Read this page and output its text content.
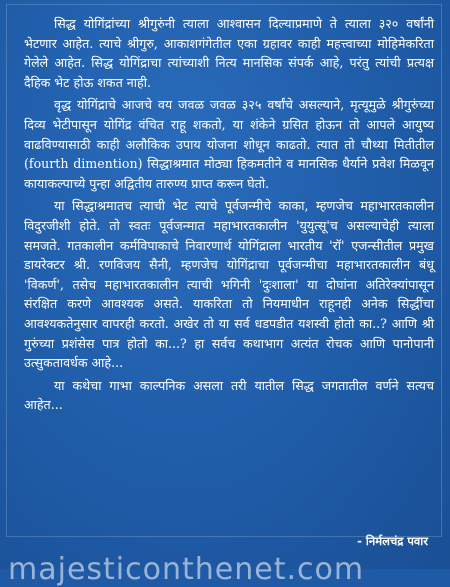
सिद्ध योगिंद्रांच्या श्रीगुरुंनी त्याला आश्वासन दिल्याप्रमाणे ते त्याला ३२० वर्षांनी भेटणार आहेत. त्याचे श्रीगुरु, आकाशगंगेतील एका ग्रहावर काही महत्त्वाच्या मोहिमेकरिता गेलेले आहेत. सिद्ध योगिंद्राचा त्यांच्याशी नित्य मानसिक संपर्क आहे, परंतु त्यांची प्रत्यक्ष दैहिक भेट होऊ शकत नाही.

वृद्ध योगिंद्राचे आजचे वय जवळ जवळ ३२५ वर्षांचे असल्याने, मृत्यूमुळे श्रीगुरुंच्या दिव्य भेटीपासून योगिंद्र वंचित राहू शकतो, या शंकेने ग्रसित होऊन तो आपले आयुष्य वाढविण्यासाठी काही अलौकिक उपाय योजना शोधून काढतो. त्यात तो चौथ्या मितीतील (fourth dimention) सिद्धाश्रमात मोठ्या हिकमतीने व मानसिक धैर्याने प्रवेश मिळवून कायाकल्पाच्ये पुन्हा अद्वितीय तारुण्य प्राप्त करून घेतो.

या सिद्धाश्रमातच त्याची भेट त्याचे पूर्वजन्मीचे काका, म्हणजेच महाभारतकालीन विदुरजीशी होते. तो स्वतः पूर्वजन्मात महाभारतकालीन 'युयुत्सू'च असल्याचेही त्याला समजते. गतकालीन कर्मविपाकाचे निवारणार्थ योगिंद्राला भारतीय 'रॉ' एजन्सीतील प्रमुख डायरेक्टर श्री. रणविजय सैनी, म्हणजेच योगिंद्राचा पूर्वजन्मीचा महाभारतकालीन बंधू 'विकर्ण', तसेच महाभारतकालीन त्याची भगिनी 'दुःशाला' या दोघांना अतिरेक्यांपासून संरक्षित करणे आवश्यक असते. याकरिता तो नियमाधीन राहूनही अनेक सिद्धींचा आवश्यकतेनुसार वापरही करतो. अखेर तो या सर्व धडपडीत यशस्वी होतो का..? आणि श्री गुरुंच्या प्रशंसेस पात्र होतो का...? हा सर्वच कथाभाग अत्यंत रोचक आणि पानोपानी उत्सुकतावर्धक आहे...

या कथेचा गाभा काल्पनिक असला तरी यातील सिद्ध जगतातील वर्णने सत्यच आहेत...

- निर्मलचंद्र पवार
majesticonthenet.com
